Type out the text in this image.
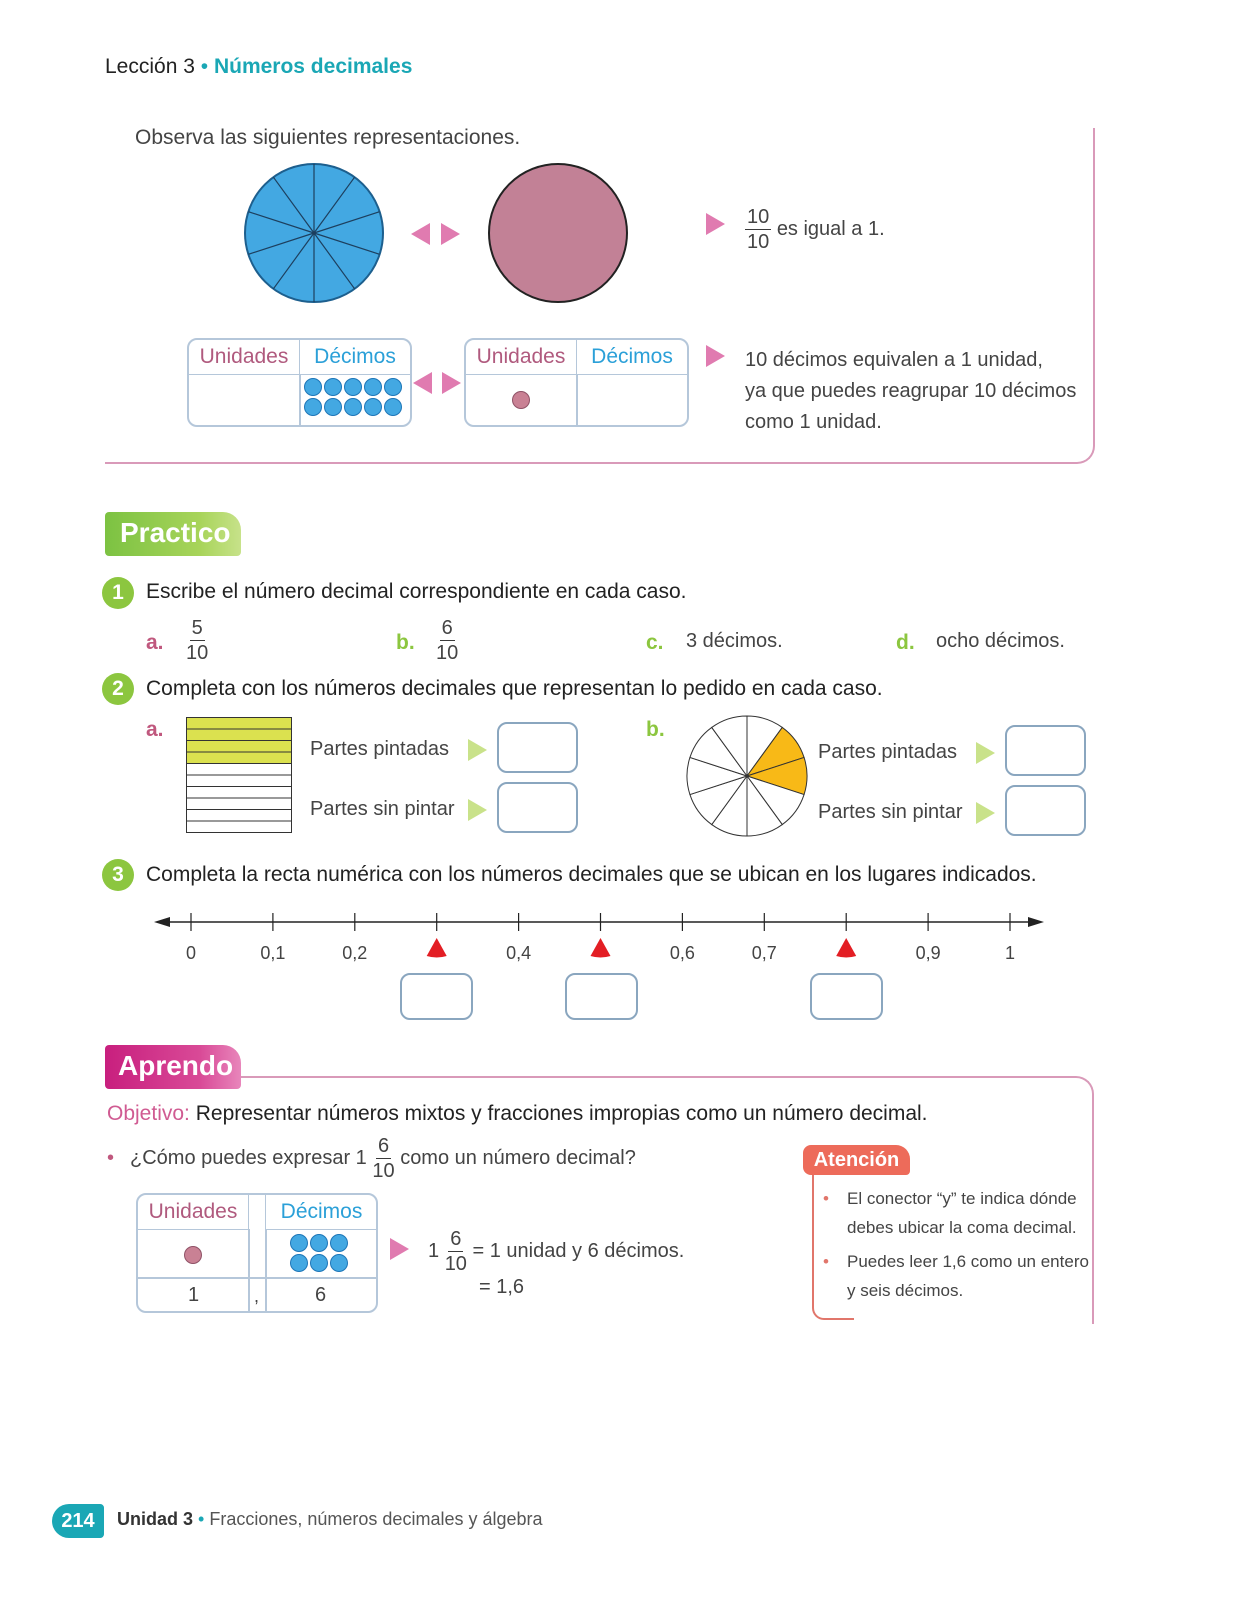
Lección 3 • Números decimales
Observa las siguientes representaciones.
$\frac{10}{10}$ es igual a 1.
Unidades	Décimos	Unidades	Décimos	10 décimos equivalen a 1 unidad,
ya que puedes reagrupar 10 décimos
como 1 unidad.
Practico
1	Escribe el número decimal correspondiente en cada caso.
a. $\frac{5}{10}$	b. $\frac{6}{10}$	c. 3 décimos.	d. ocho décimos.
2	Completa con los números decimales que representan lo pedido en cada caso.
a.
Partes pintadas
Partes sin pintar
b.
Partes pintadas
Partes sin pintar
3	Completa la recta numérica con los números decimales que se ubican en los lugares indicados.
0	0,1	0,2	0,4	0,6	0,7	0,9	1
Aprendo
Objetivo: Representar números mixtos y fracciones impropias como un número decimal.
• ¿Cómo puedes expresar $1 \frac{6}{10}$ como un número decimal?
Unidades	Décimos
1	,	6
$1 \frac{6}{10} = 1$ unidad y 6 décimos.
= 1,6
Atención
• El conector “y” te indica dónde
debes ubicar la coma decimal.
• Puedes leer 1,6 como un entero
y seis décimos.
214	Unidad 3 • Fracciones, números decimales y álgebra
